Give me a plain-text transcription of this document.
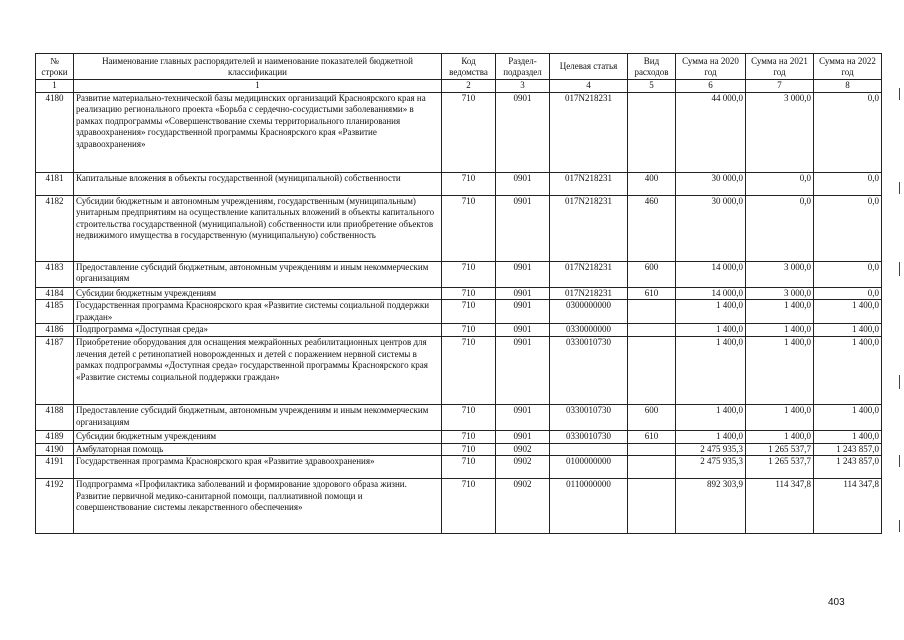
№ строки	Наименование главных распорядителей и наименование показателей бюджетной классификации	Код ведомства	Раздел-подраздел	Целевая статья	Вид расходов	Сумма на 2020 год	Сумма на 2021 год	Сумма на 2022 год
1	1	2	3	4	5	6	7	8
4180	Развитие материально-технической базы медицинских организаций Красноярского края на реализацию регионального проекта «Борьба с сердечно-сосудистыми заболеваниями» в рамках подпрограммы «Совершенствование схемы территориального планирования здравоохранения» государственной программы Красноярского края «Развитие здравоохранения»	710	0901	017N218231		44 000,0	3 000,0	0,0
4181	Капитальные вложения в объекты государственной (муниципальной) собственности	710	0901	017N218231	400	30 000,0	0,0	0,0
4182	Субсидии бюджетным и автономным учреждениям, государственным (муниципальным) унитарным предприятиям на осуществление капитальных вложений в объекты капитального строительства государственной (муниципальной) собственности или приобретение объектов недвижимого имущества в государственную (муниципальную) собственность	710	0901	017N218231	460	30 000,0	0,0	0,0
4183	Предоставление субсидий бюджетным, автономным учреждениям и иным некоммерческим организациям	710	0901	017N218231	600	14 000,0	3 000,0	0,0
4184	Субсидии бюджетным учреждениям	710	0901	017N218231	610	14 000,0	3 000,0	0,0
4185	Государственная программа Красноярского края «Развитие системы социальной поддержки граждан»	710	0901	0300000000		1 400,0	1 400,0	1 400,0
4186	Подпрограмма «Доступная среда»	710	0901	0330000000		1 400,0	1 400,0	1 400,0
4187	Приобретение оборудования для оснащения межрайонных реабилитационных центров для лечения детей с ретинопатией новорожденных и детей с поражением нервной системы в рамках подпрограммы «Доступная среда» государственной программы Красноярского края «Развитие системы социальной поддержки граждан»	710	0901	0330010730		1 400,0	1 400,0	1 400,0
4188	Предоставление субсидий бюджетным, автономным учреждениям и иным некоммерческим организациям	710	0901	0330010730	600	1 400,0	1 400,0	1 400,0
4189	Субсидии бюджетным учреждениям	710	0901	0330010730	610	1 400,0	1 400,0	1 400,0
4190	Амбулаторная помощь	710	0902			2 475 935,3	1 265 537,7	1 243 857,0
4191	Государственная программа Красноярского края «Развитие здравоохранения»	710	0902	0100000000		2 475 935,3	1 265 537,7	1 243 857,0
4192	Подпрограмма «Профилактика заболеваний и формирование здорового образа жизни. Развитие первичной медико-санитарной помощи, паллиативной помощи и совершенствование системы лекарственного обеспечения»	710	0902	0110000000		892 303,9	114 347,8	114 347,8
403
